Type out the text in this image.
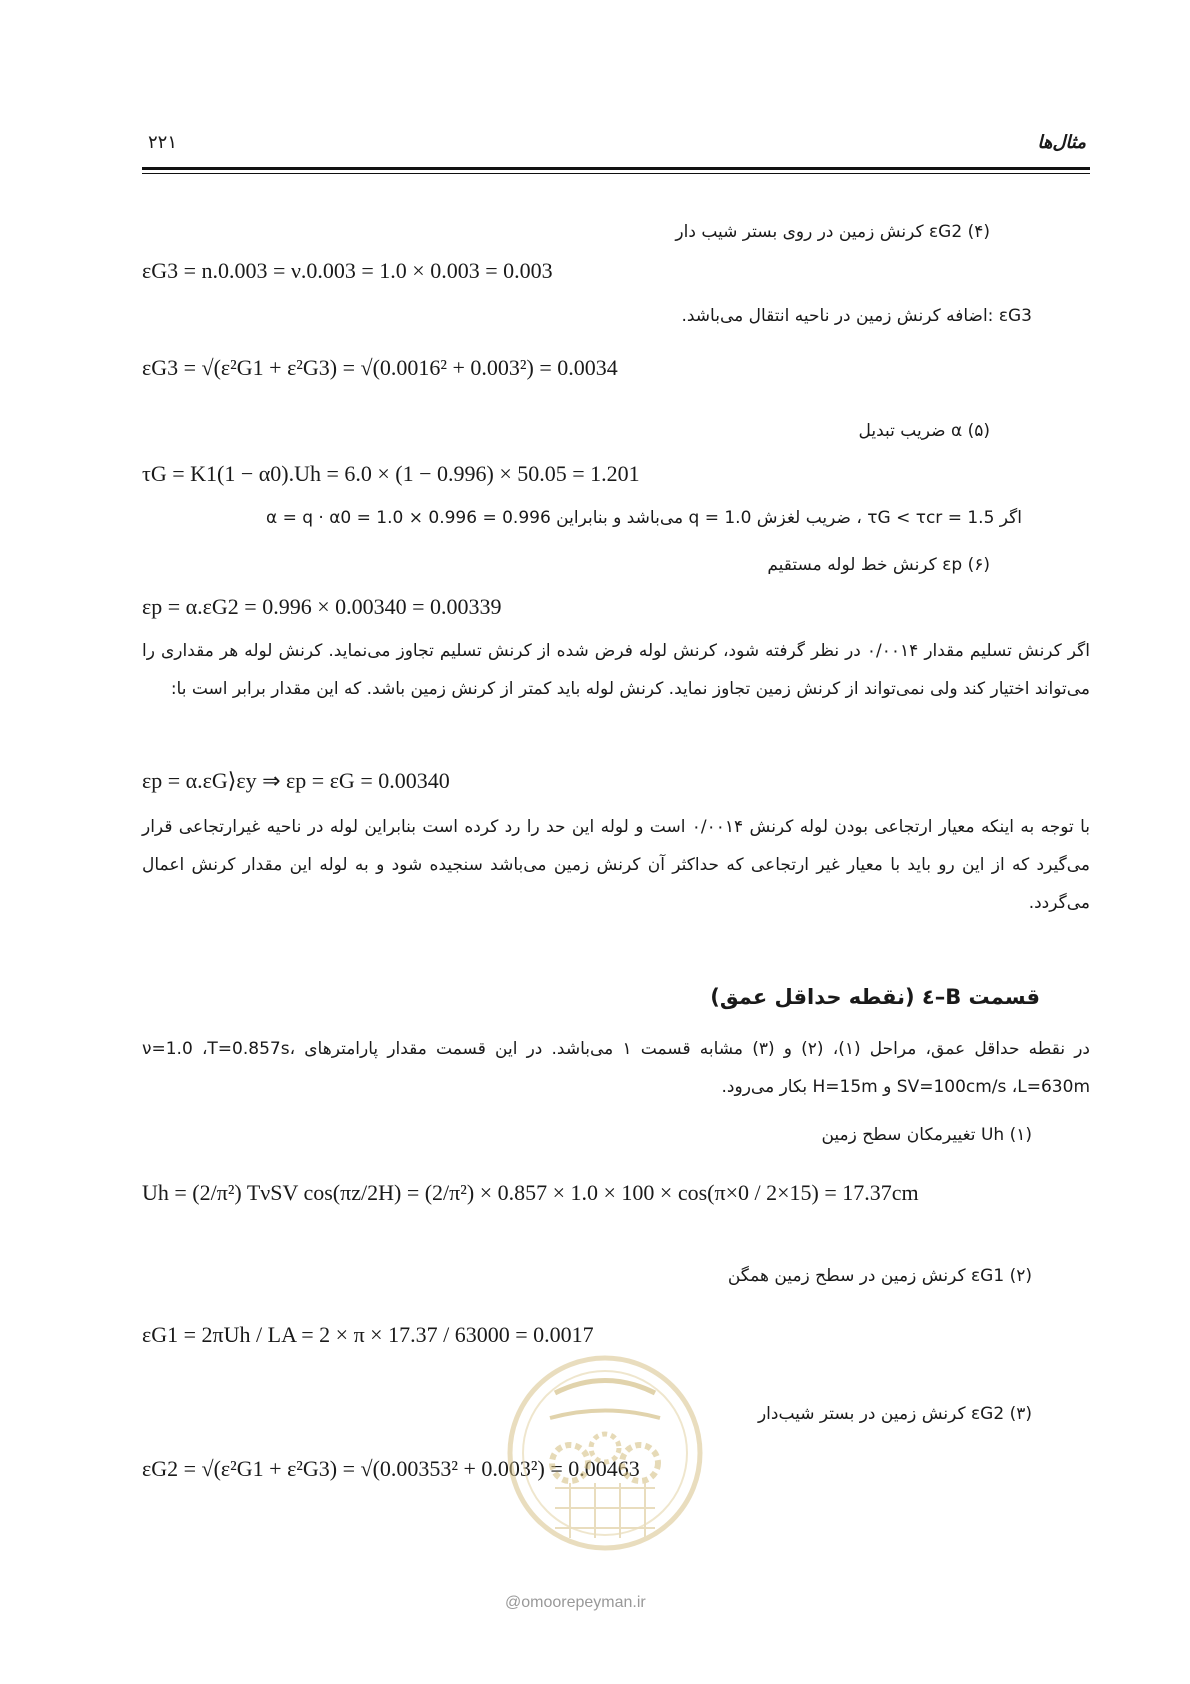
۲۲۱	مثال‌ها
(۴) εG2 کرنش زمین در روی بستر شیب دار
εG3 = n.0.003 = ν.0.003 = 1.0 × 0.003 = 0.003
εG3 :اضافه کرنش زمین در ناحیه انتقال می‌باشد.
εG3 = √(ε²G1 + ε²G3) = √(0.0016² + 0.003²) = 0.0034
(۵) α ضریب تبدیل
τG = K1(1 − α0).Uh = 6.0 × (1 − 0.996) × 50.05 = 1.201
اگر τG < τcr = 1.5 ، ضریب لغزش q = 1.0 می‌باشد و بنابراین α = q · α0 = 1.0 × 0.996 = 0.996
(۶) εp کرنش خط لوله مستقیم
εp = α.εG2 = 0.996 × 0.00340 = 0.00339
اگر کرنش تسلیم مقدار ۰/۰۰۱۴ در نظر گرفته شود، کرنش لوله فرض شده از کرنش تسلیم تجاوز می‌نماید. کرنش لوله هر مقداری را می‌تواند اختیار کند ولی نمی‌تواند از کرنش زمین تجاوز نماید. کرنش لوله باید کمتر از کرنش زمین باشد. که این مقدار برابر است با:
εp = α.εG⟩εy ⇒ εp = εG = 0.00340
با توجه به اینکه معیار ارتجاعی بودن لوله کرنش ۰/۰۰۱۴ است و لوله این حد را رد کرده است بنابراین لوله در ناحیه غیرارتجاعی قرار می‌گیرد که از این رو باید با معیار غیر ارتجاعی که حداکثر آن کرنش زمین می‌باشد سنجیده شود و به لوله این مقدار کرنش اعمال می‌گردد.
قسمت B–٤ (نقطه حداقل عمق)
در نقطه حداقل عمق، مراحل (۱)، (۲) و (۳) مشابه قسمت ۱ می‌باشد. در این قسمت مقدار پارامترهای ν=1.0 ،T=0.857s، SV=100cm/s ،L=630m و H=15m بکار می‌رود.
(۱) Uh تغییرمکان سطح زمین
Uh = (2/π²) TνSV cos(πz/2H) = (2/π²) × 0.857 × 1.0 × 100 × cos(π×0 / 2×15) = 17.37cm
(۲) εG1 کرنش زمین در سطح زمین همگن
εG1 = 2πUh / LA = 2 × π × 17.37 / 63000 = 0.0017
(۳) εG2 کرنش زمین در بستر شیب‌دار
εG2 = √(ε²G1 + ε²G3) = √(0.00353² + 0.003²) = 0.00463
@omoorepeyman.ir
